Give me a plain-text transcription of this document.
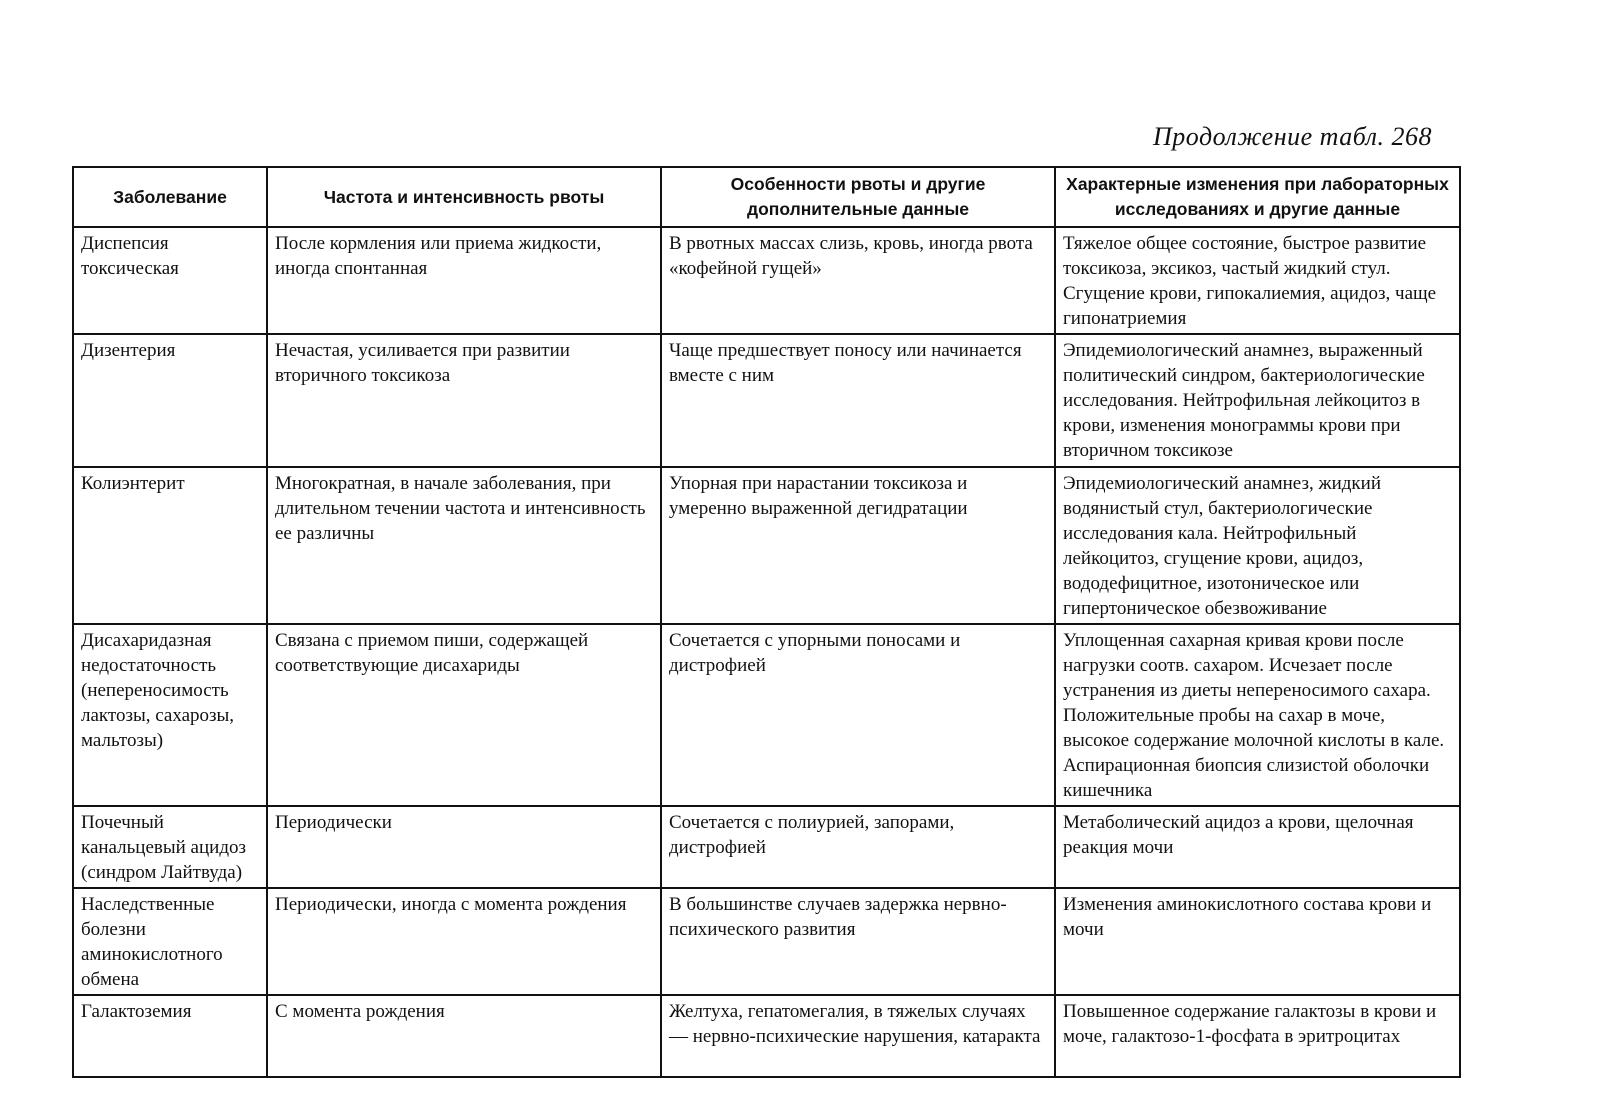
Продолжение табл. 268
Заболевание	Частота и интенсивность рвоты	Особенности рвоты и другие дополнительные данные	Характерные изменения при лабораторных исследованиях и другие данные
Диспепсия токсическая	После кормления или приема жидкости, иногда спонтанная	В рвотных массах слизь, кровь, иногда рвота «кофейной гущей»	Тяжелое общее состояние, быстрое развитие токсикоза, эксикоз, частый жидкий стул. Сгущение крови, гипокалиемия, ацидоз, чаще гипонатриемия
Дизентерия	Нечастая, усиливается при развитии вторичного токсикоза	Чаще предшествует поносу или начинается вместе с ним	Эпидемиологический анамнез, выраженный политический синдром, бактериологические исследования. Нейтрофильная лейкоцитоз в крови, изменения монограммы крови при вторичном токсикозе
Колиэнтерит	Многократная, в начале заболевания, при длительном течении частота и интенсивность ее различны	Упорная при нарастании токсикоза и умеренно выраженной дегидратации	Эпидемиологический анамнез, жидкий водянистый стул, бактериологические исследования кала. Нейтрофильный лейкоцитоз, сгущение крови, ацидоз, вододефицитное, изотоническое или гипертоническое обезвоживание
Дисахаридазная недостаточность (непереносимость лактозы, сахарозы, мальтозы)	Связана с приемом пиши, содержащей соответствующие дисахариды	Сочетается с упорными поносами и дистрофией	Уплощенная сахарная кривая крови после нагрузки соотв. сахаром. Исчезает после устранения из диеты непереносимого сахара. Положительные пробы на сахар в моче, высокое содержание молочной кислоты в кале. Аспирационная биопсия слизистой оболочки кишечника
Почечный канальцевый ацидоз (синдром Лайтвуда)	Периодически	Сочетается с полиурией, запорами, дистрофией	Метаболический ацидоз а крови, щелочная реакция мочи
Наследственные болезни аминокислотного обмена	Периодически, иногда с момента рождения	В большинстве случаев задержка нервно-психического развития	Изменения аминокислотного состава крови и мочи
Галактоземия	С момента рождения	Желтуха, гепатомегалия, в тяжелых случаях — нервно-психические нарушения, катаракта	Повышенное содержание галактозы в крови и моче, галактозо-1-фосфата в эритроцитах
